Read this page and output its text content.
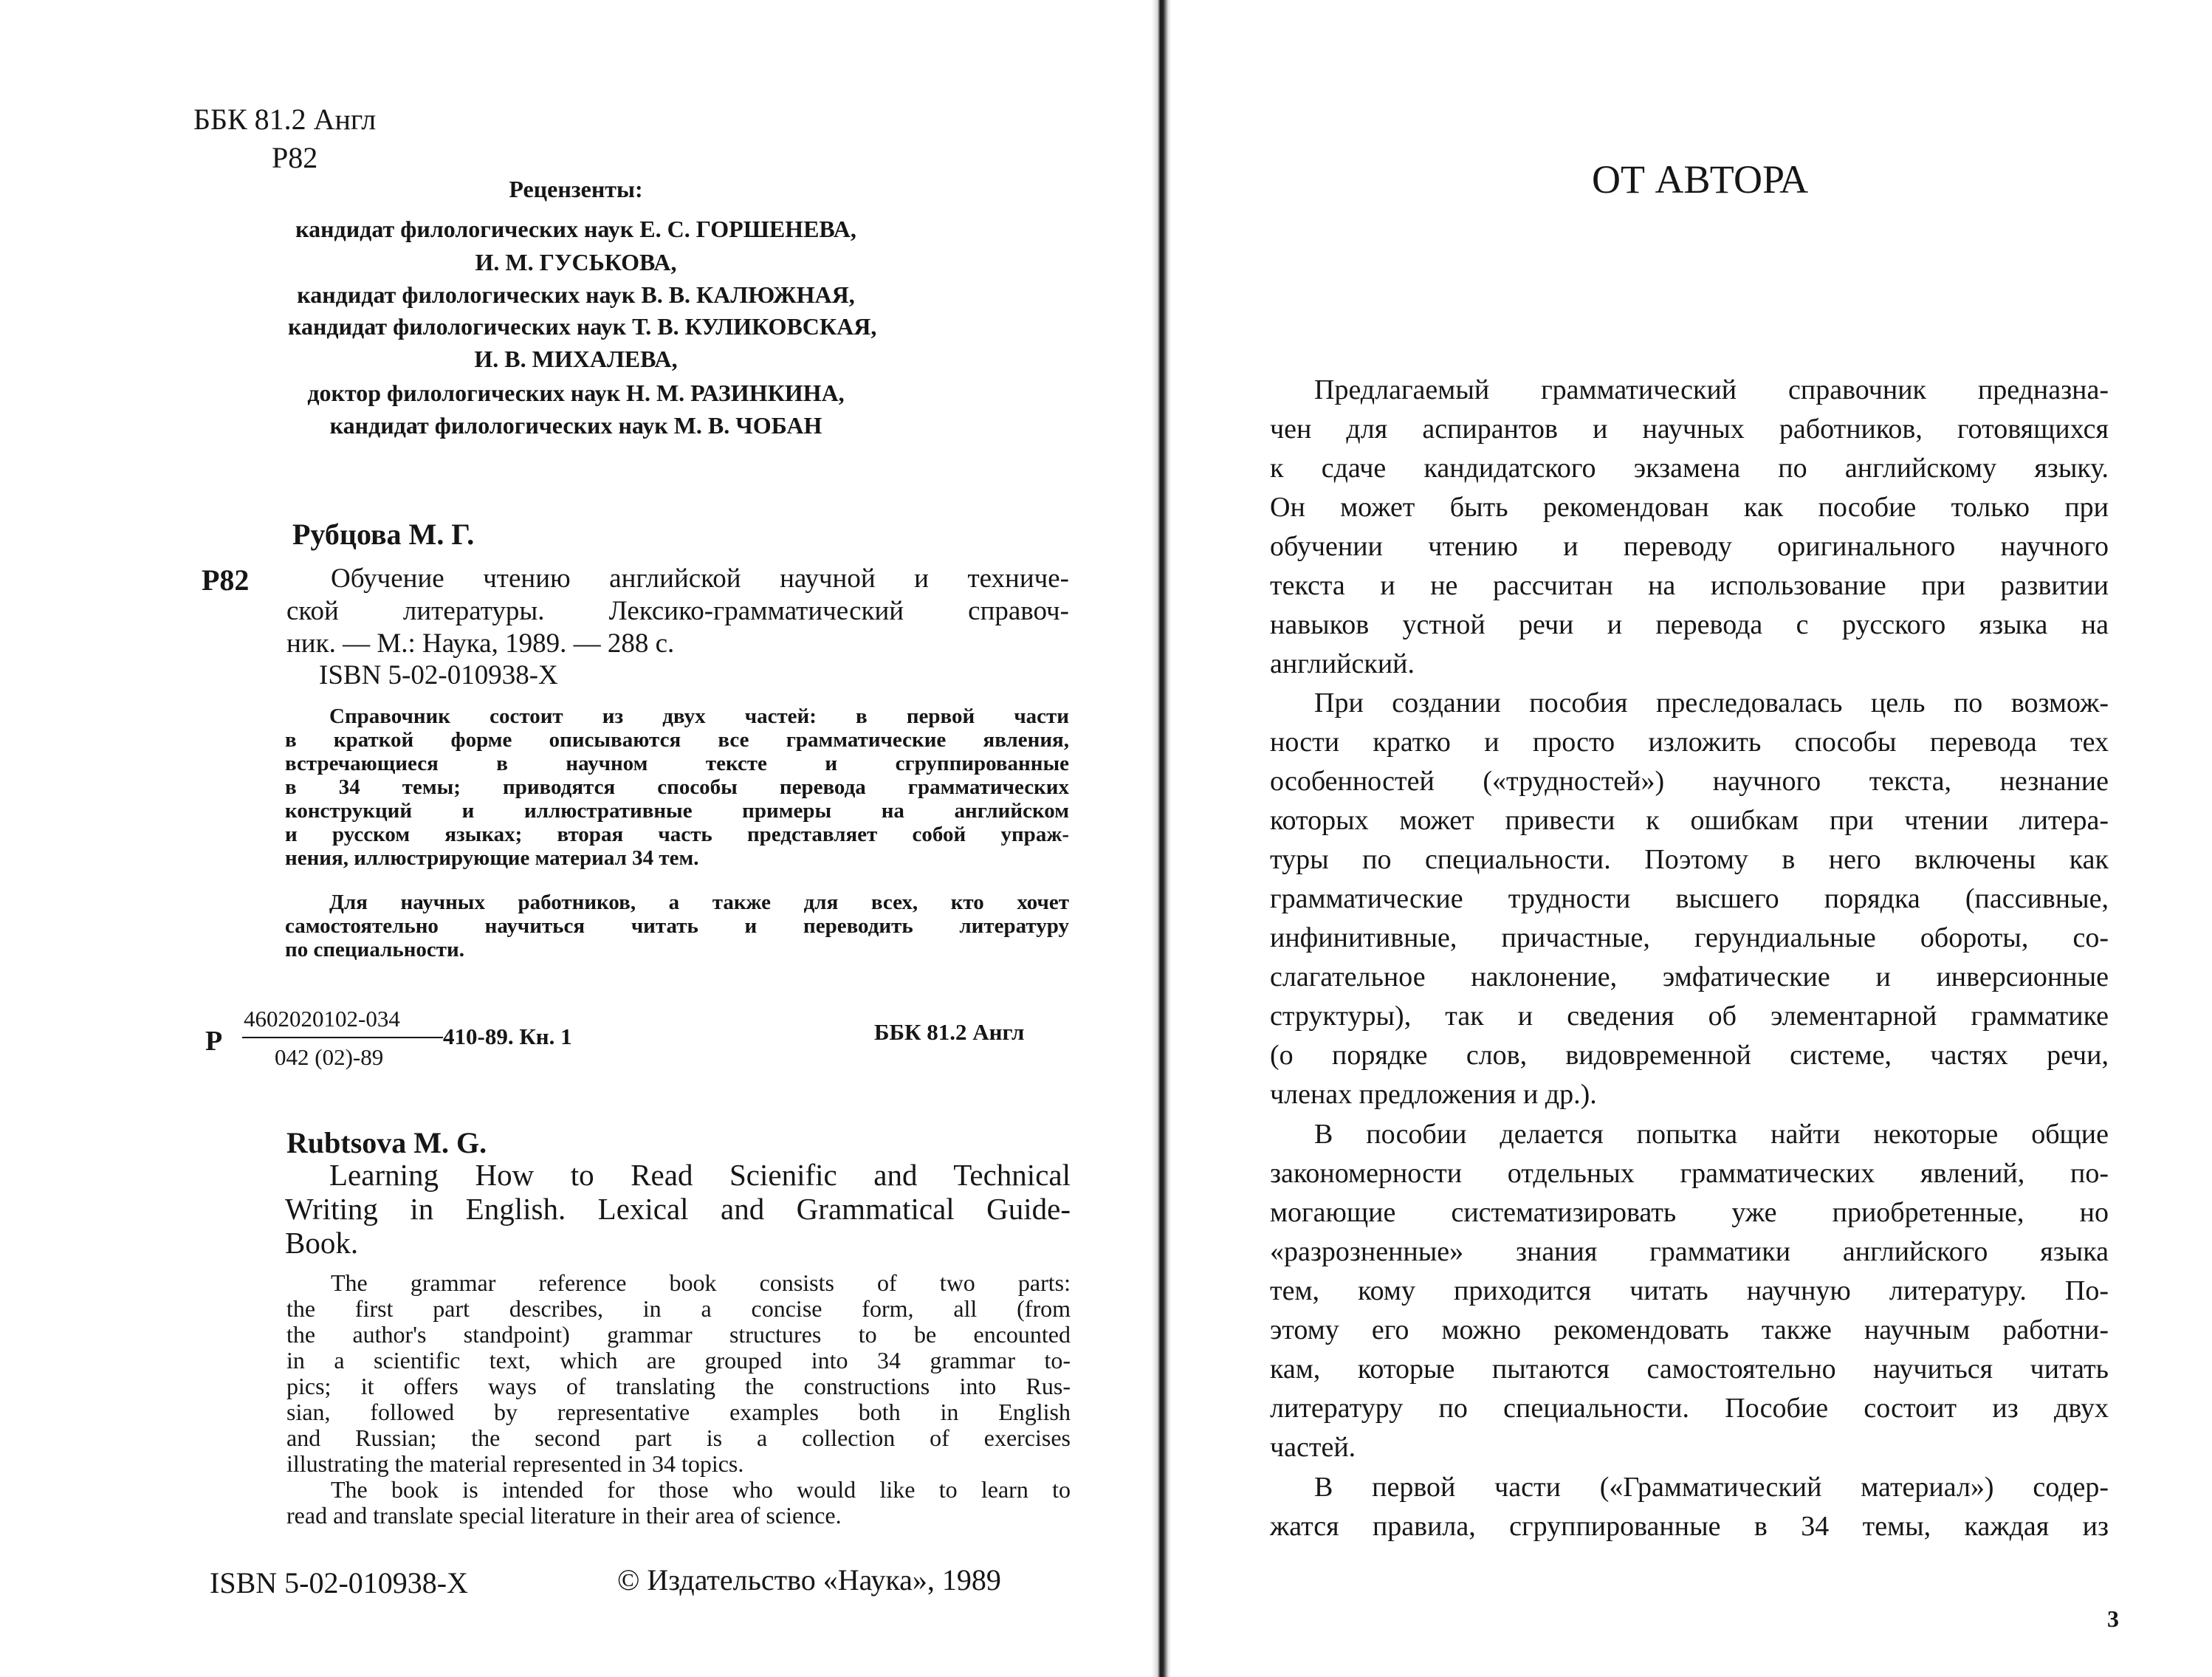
ББК 81.2 Англ
Р82
Рецензенты:
кандидат филологических наук Е. С. ГОРШЕНЕВА,
И. М. ГУСЬКОВА,
кандидат филологических наук В. В. КАЛЮЖНАЯ,
кандидат филологических наук Т. В. КУЛИКОВСКАЯ,
И. В. МИХАЛЕВА,
доктор филологических наук Н. М. РАЗИНКИНА,
кандидат филологических наук М. В. ЧОБАН
Рубцова М. Г.
Р82	Обучение чтению английской научной и техниче-
ской литературы. Лексико-грамматический справоч-
ник. — М.: Наука, 1989. — 288 с.
ISBN 5-02-010938-X
Справочник состоит из двух частей: в первой части
в краткой форме описываются все грамматические явления,
встречающиеся в научном тексте и сгруппированные
в 34 темы; приводятся способы перевода грамматических
конструкций и иллюстративные примеры на английском
и русском языках; вторая часть представляет собой упраж-
нения, иллюстрирующие материал 34 тем.
Для научных работников, а также для всех, кто хочет
самостоятельно научиться читать и переводить литературу
по специальности.
Р
4602020102-034
042 (02)-89
410-89. Кн. 1	ББК 81.2 Англ
Rubtsova M. G.
Learning How to Read Scienific and Technical
Writing in English. Lexical and Grammatical Guide-
Book.
The grammar reference book consists of two parts:
the first part describes, in a concise form, all (from
the author's standpoint) grammar structures to be encounted
in a scientific text, which are grouped into 34 grammar to-
pics; it offers ways of translating the constructions into Rus-
sian, followed by representative examples both in English
and Russian; the second part is a collection of exercises
illustrating the material represented in 34 topics.
The book is intended for those who would like to learn to
read and translate special literature in their area of science.
ISBN 5-02-010938-X	© Издательство «Наука», 1989
ОТ АВТОРА
Предлагаемый грамматический справочник предназна-
чен для аспирантов и научных работников, готовящихся
к сдаче кандидатского экзамена по английскому языку.
Он может быть рекомендован как пособие только при
обучении чтению и переводу оригинального научного
текста и не рассчитан на использование при развитии
навыков устной речи и перевода с русского языка на
английский.
При создании пособия преследовалась цель по возмож-
ности кратко и просто изложить способы перевода тех
особенностей («трудностей») научного текста, незнание
которых может привести к ошибкам при чтении литера-
туры по специальности. Поэтому в него включены как
грамматические трудности высшего порядка (пассивные,
инфинитивные, причастные, герундиальные обороты, со-
слагательное наклонение, эмфатические и инверсионные
структуры), так и сведения об элементарной грамматике
(о порядке слов, видовременной системе, частях речи,
членах предложения и др.).
В пособии делается попытка найти некоторые общие
закономерности отдельных грамматических явлений, по-
могающие систематизировать уже приобретенные, но
«разрозненные» знания грамматики английского языка
тем, кому приходится читать научную литературу. По-
этому его можно рекомендовать также научным работни-
кам, которые пытаются самостоятельно научиться читать
литературу по специальности. Пособие состоит из двух
частей.
В первой части («Грамматический материал») содер-
жатся правила, сгруппированные в 34 темы, каждая из
3
